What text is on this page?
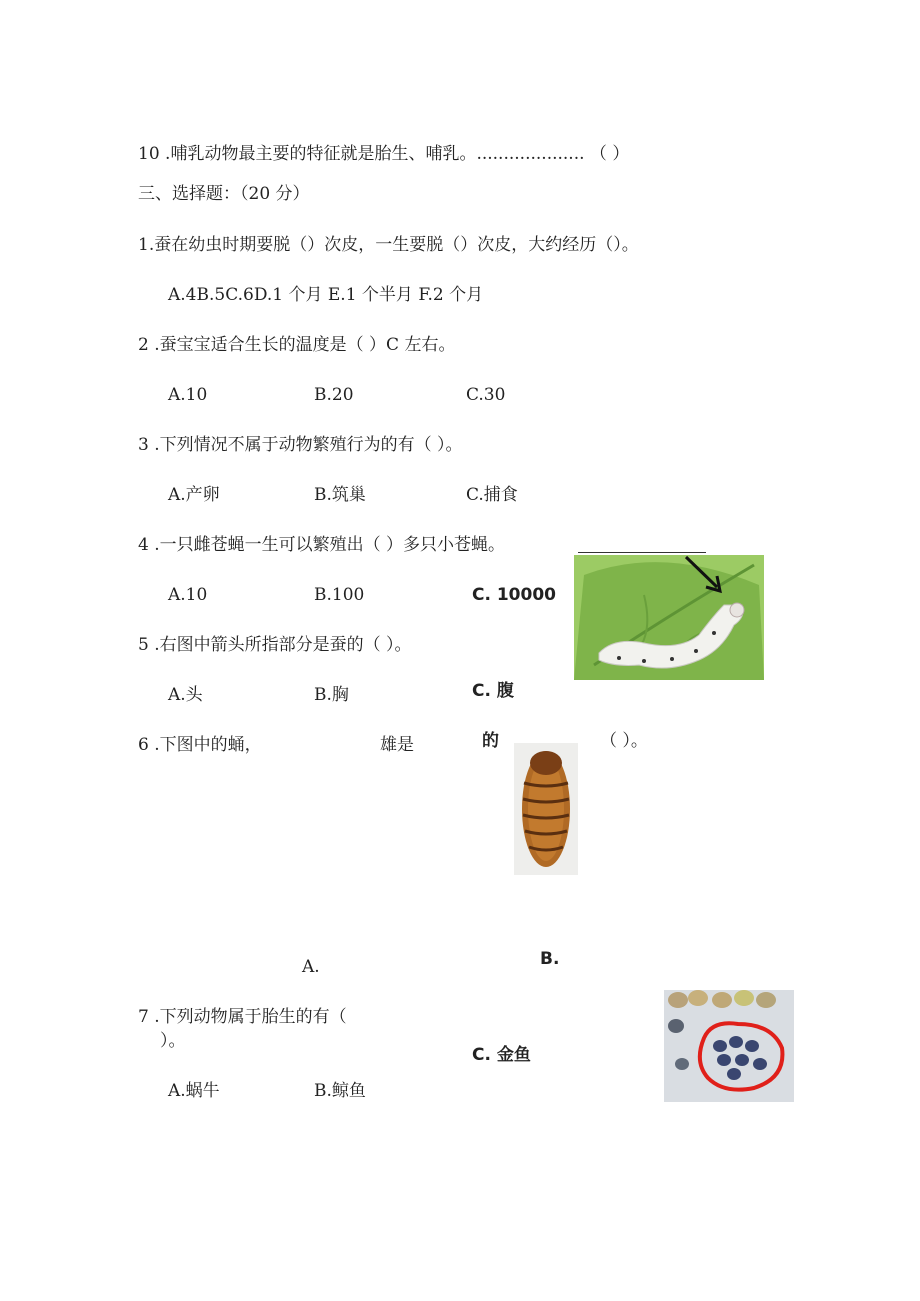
10 .哺乳动物最主要的特征就是胎生、哺乳。.................... （ ）
三、选择题：（20 分）
1.蚕在幼虫时期要脱（）次皮，一生要脱（）次皮，大约经历（）。
A.4B.5C.6D.1 个月 E.1 个半月 F.2 个月
2 .蚕宝宝适合生长的温度是（ ）C 左右。
A.10	B.20	C.30
3 .下列情况不属于动物繁殖行为的有（ ）。
A.产卵	B.筑巢	C.捕食
4 .一只雌苍蝇一生可以繁殖出（ ）多只小苍蝇。
A.10	B.100	C. 10000
5 .右图中箭头所指部分是蚕的（ ）。
A.头	B.胸	C. 腹
6 .下图中的蛹，	雄是	的	（ ）。
A.	B.
7 .下列动物属于胎生的有（
）。
C. 金鱼
A.蜗牛	B.鲸鱼
